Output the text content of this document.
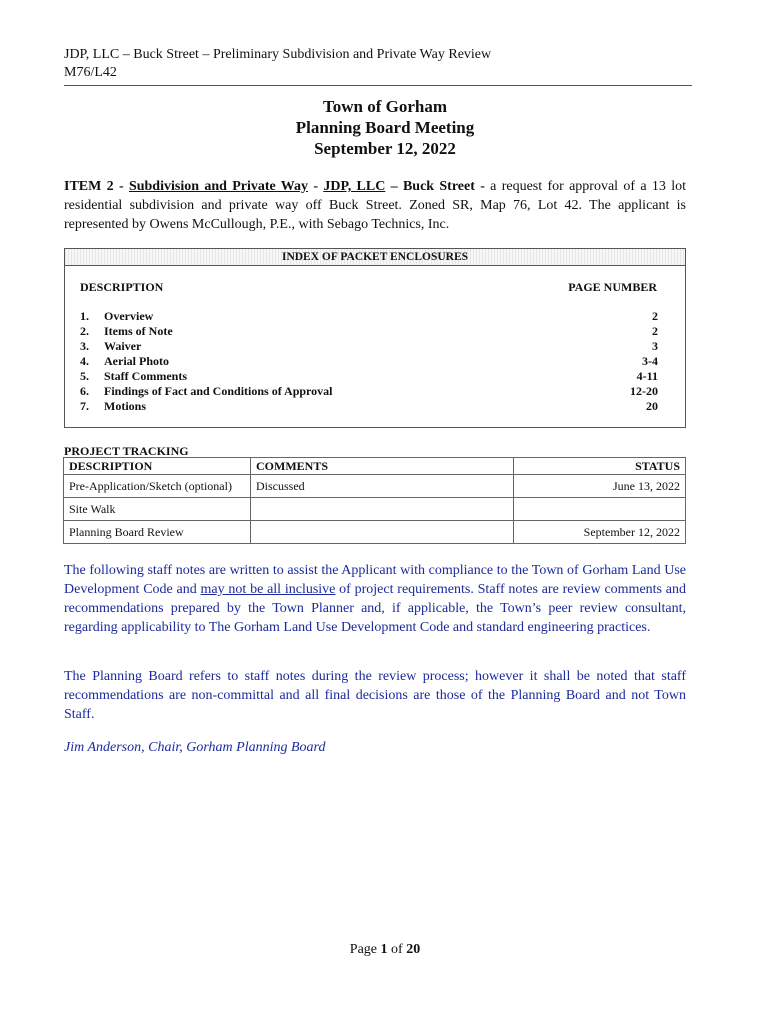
JDP, LLC – Buck Street – Preliminary Subdivision and Private Way Review
M76/L42
Town of Gorham
Planning Board Meeting
September 12, 2022
ITEM 2 - Subdivision and Private Way - JDP, LLC – Buck Street - a request for approval of a 13 lot residential subdivision and private way off Buck Street. Zoned SR, Map 76, Lot 42. The applicant is represented by Owens McCullough, P.E., with Sebago Technics, Inc.
INDEX OF PACKET ENCLOSURES
DESCRIPTION	PAGE NUMBER
1.	Overview	2
2.	Items of Note	2
3.	Waiver	3
4.	Aerial Photo	3-4
5.	Staff Comments	4-11
6.	Findings of Fact and Conditions of Approval	12-20
7.	Motions	20
PROJECT TRACKING
DESCRIPTION	COMMENTS	STATUS
Pre-Application/Sketch (optional)	Discussed	June 13, 2022
Site Walk		
Planning Board Review		September 12, 2022
The following staff notes are written to assist the Applicant with compliance to the Town of Gorham Land Use Development Code and may not be all inclusive of project requirements. Staff notes are review comments and recommendations prepared by the Town Planner and, if applicable, the Town’s peer review consultant, regarding applicability to The Gorham Land Use Development Code and standard engineering practices.
The Planning Board refers to staff notes during the review process; however it shall be noted that staff recommendations are non-committal and all final decisions are those of the Planning Board and not Town Staff.
Jim Anderson, Chair, Gorham Planning Board
Page 1 of 20
